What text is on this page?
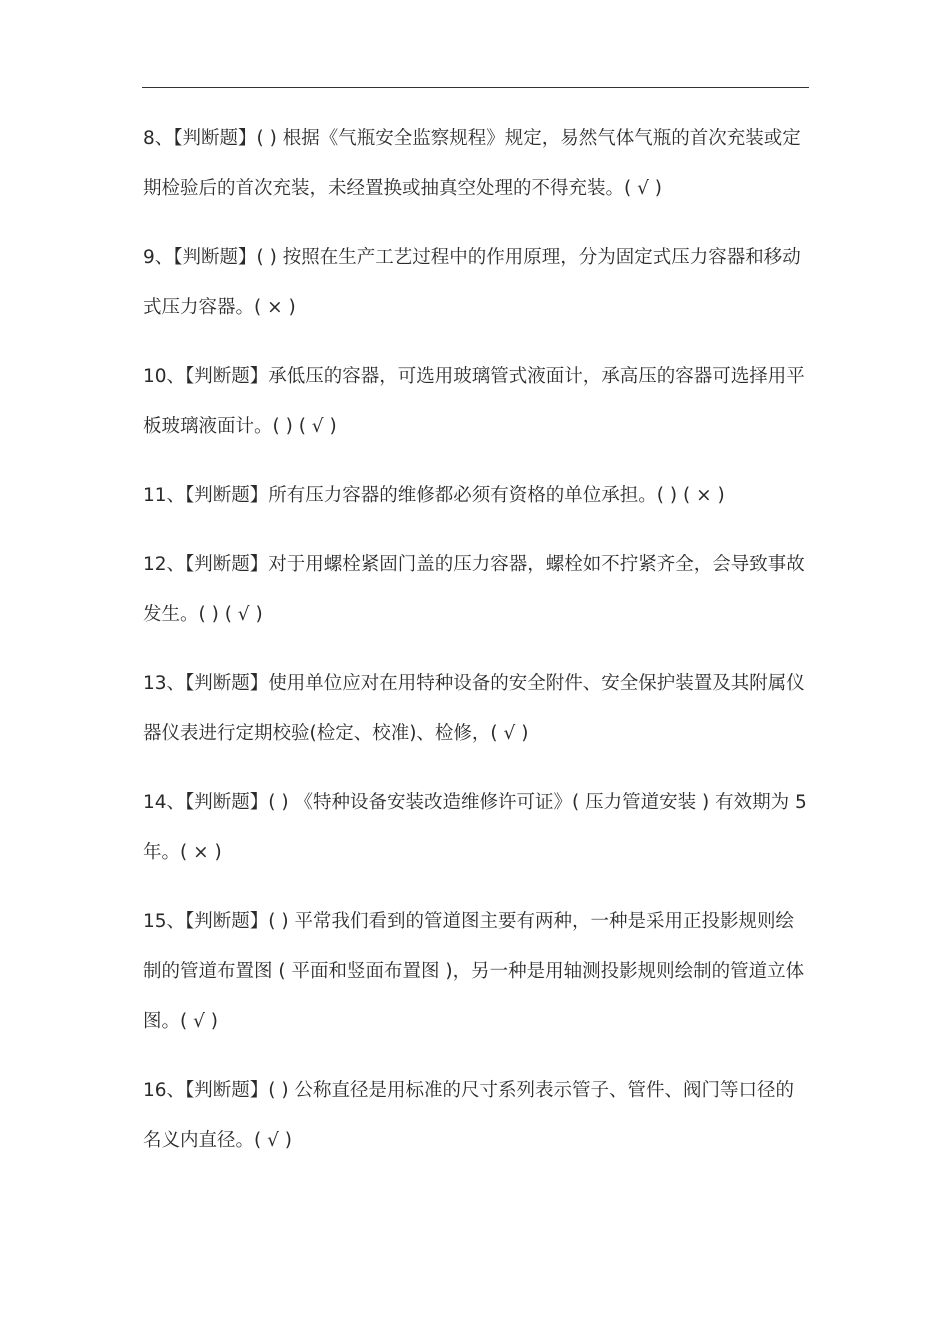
8、【判断题】( ) 根据《气瓶安全监察规程》规定，易然气体气瓶的首次充装或定期检验后的首次充装，未经置换或抽真空处理的不得充装。( √ )

9、【判断题】( ) 按照在生产工艺过程中的作用原理，分为固定式压力容器和移动式压力容器。( × )

10、【判断题】承低压的容器，可选用玻璃管式液面计，承高压的容器可选择用平板玻璃液面计。( ) ( √ )

11、【判断题】所有压力容器的维修都必须有资格的单位承担。( ) ( × )

12、【判断题】对于用螺栓紧固门盖的压力容器，螺栓如不拧紧齐全，会导致事故发生。( ) ( √ )

13、【判断题】使用单位应对在用特种设备的安全附件、安全保护装置及其附属仪器仪表进行定期校验(检定、校准)、检修，( √ )

14、【判断题】( ) 《特种设备安装改造维修许可证》( 压力管道安装 ) 有效期为 5 年。( × )

15、【判断题】( ) 平常我们看到的管道图主要有两种，一种是采用正投影规则绘制的管道布置图 ( 平面和竖面布置图 )，另一种是用轴测投影规则绘制的管道立体图。( √ )

16、【判断题】( ) 公称直径是用标准的尺寸系列表示管子、管件、阀门等口径的名义内直径。( √ )
